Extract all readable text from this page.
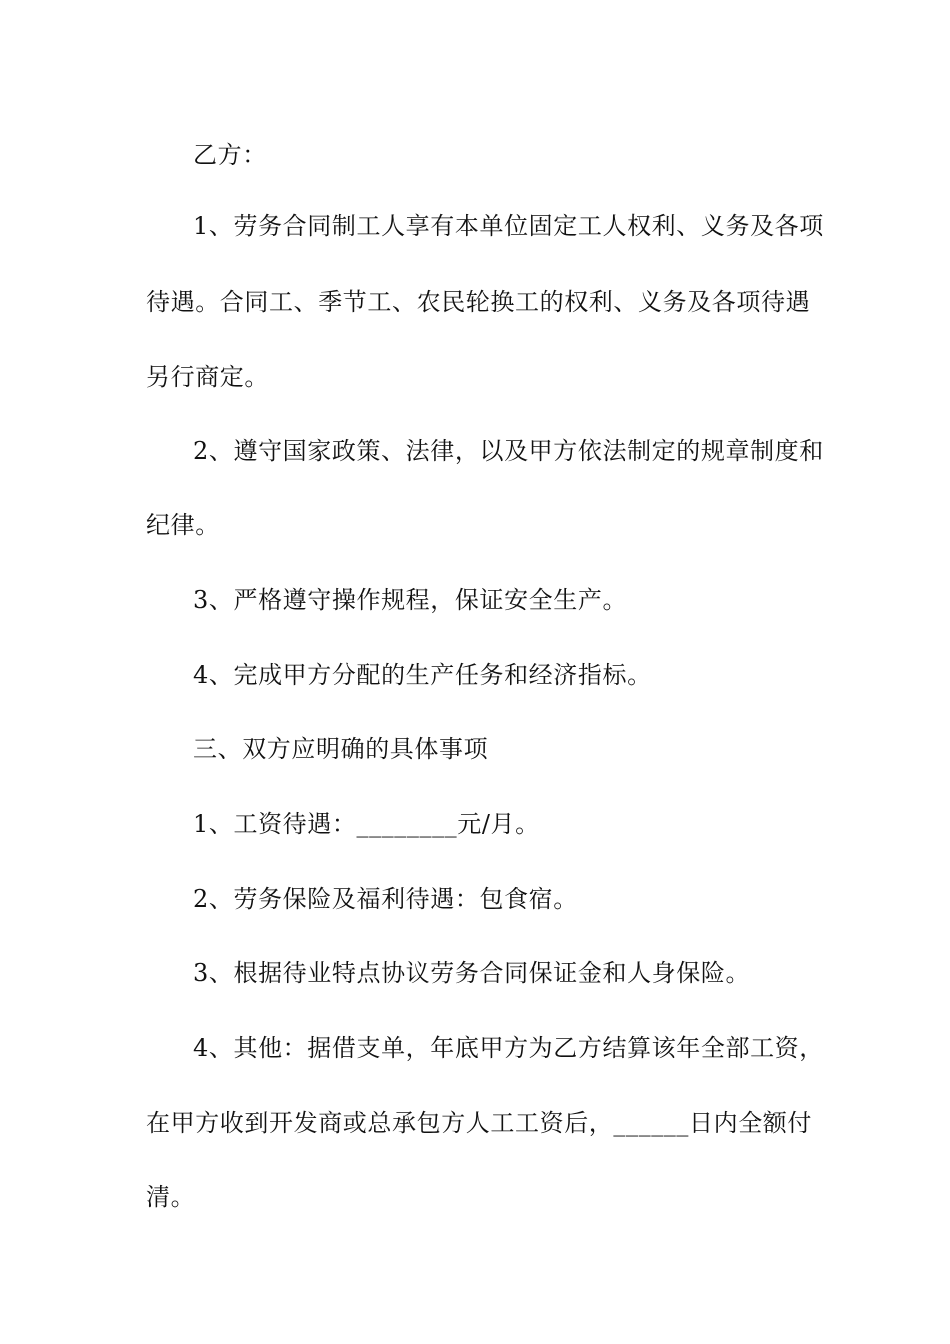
乙方：
1、劳务合同制工人享有本单位固定工人权利、义务及各项
待遇。合同工、季节工、农民轮换工的权利、义务及各项待遇
另行商定。
2、遵守国家政策、法律，以及甲方依法制定的规章制度和
纪律。
3、严格遵守操作规程，保证安全生产。
4、完成甲方分配的生产任务和经济指标。
三、双方应明确的具体事项
1、工资待遇：________元/月。
2、劳务保险及福利待遇：包食宿。
3、根据待业特点协议劳务合同保证金和人身保险。
4、其他：据借支单，年底甲方为乙方结算该年全部工资，
在甲方收到开发商或总承包方人工工资后，______日内全额付
清。
